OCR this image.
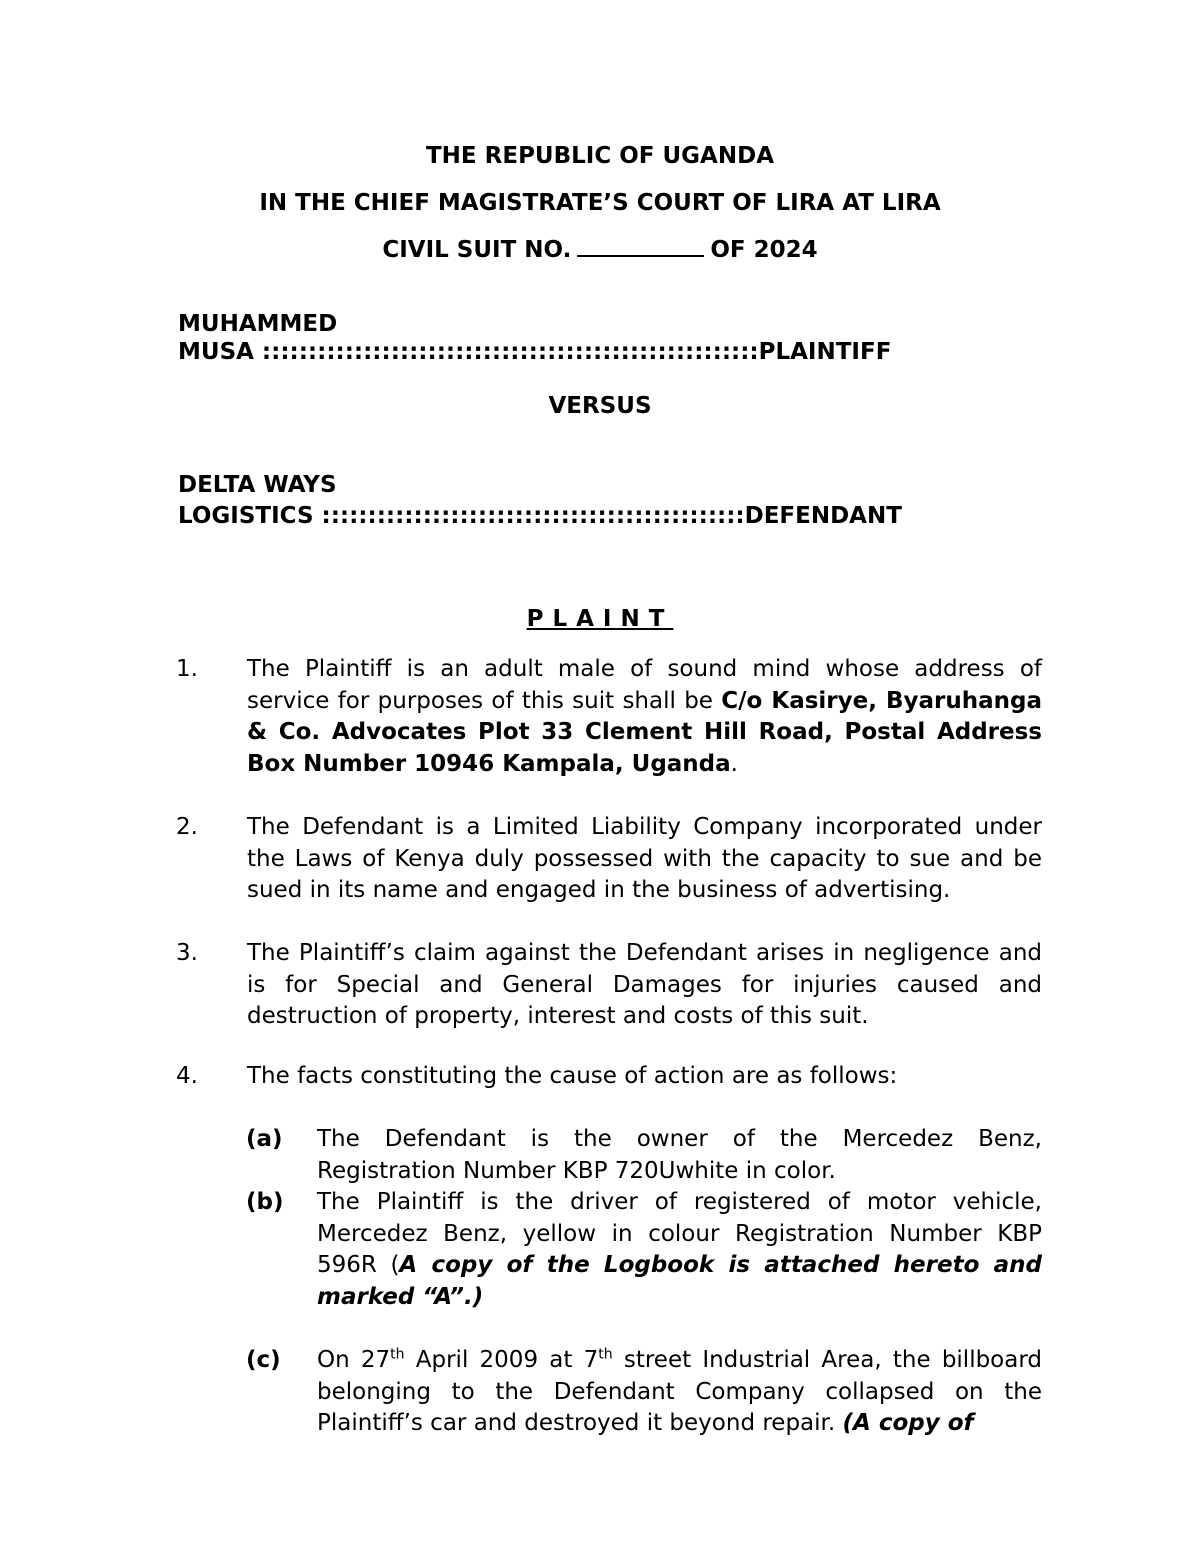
THE REPUBLIC OF UGANDA
IN THE CHIEF MAGISTRATE’S COURT OF LIRA AT LIRA
CIVIL SUIT NO.	OF 2024
MUHAMMED
MUSA ::::::::::::::::::::::::::::::::::::::::::::::::::::::PLAINTIFF
VERSUS
DELTA WAYS
LOGISTICS ::::::::::::::::::::::::::::::::::::::::::::::DEFENDANT
PLAINT
1. The Plaintiff is an adult male of sound mind whose address of service for purposes of this suit shall be C/o Kasirye, Byaruhanga & Co. Advocates Plot 33 Clement Hill Road, Postal Address Box Number 10946 Kampala, Uganda.
2. The Defendant is a Limited Liability Company incorporated under the Laws of Kenya duly possessed with the capacity to sue and be sued in its name and engaged in the business of advertising.
3. The Plaintiff’s claim against the Defendant arises in negligence and is for Special and General Damages for injuries caused and destruction of property, interest and costs of this suit.
4. The facts constituting the cause of action are as follows:
(a) The Defendant is the owner of the Mercedez Benz, Registration Number KBP 720Uwhite in color.
(b) The Plaintiff is the driver of registered of motor vehicle, Mercedez Benz, yellow in colour Registration Number KBP 596R (A copy of the Logbook is attached hereto and marked “A”.)
(c) On 27th April 2009 at 7th street Industrial Area, the billboard belonging to the Defendant Company collapsed on the Plaintiff’s car and destroyed it beyond repair. (A copy of
